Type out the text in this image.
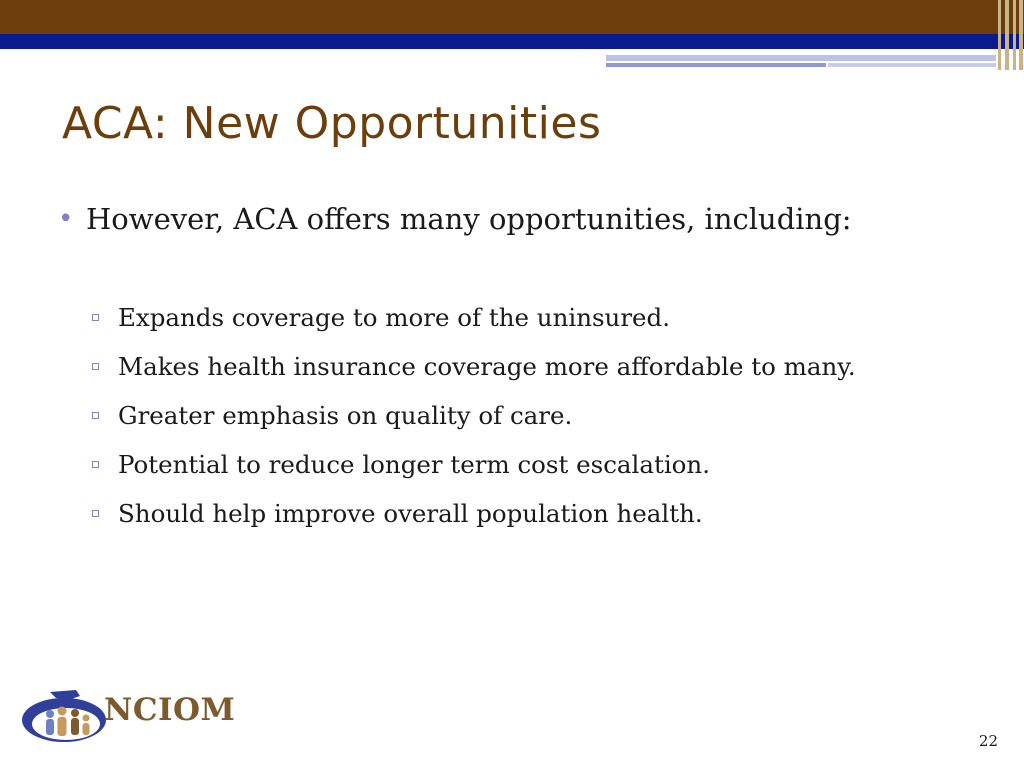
ACA: New Opportunities
• However, ACA offers many opportunities, including:
Expands coverage to more of the uninsured.
Makes health insurance coverage more affordable to many.
Greater emphasis on quality of care.
Potential to reduce longer term cost escalation.
Should help improve overall population health.

NCIOM

22
